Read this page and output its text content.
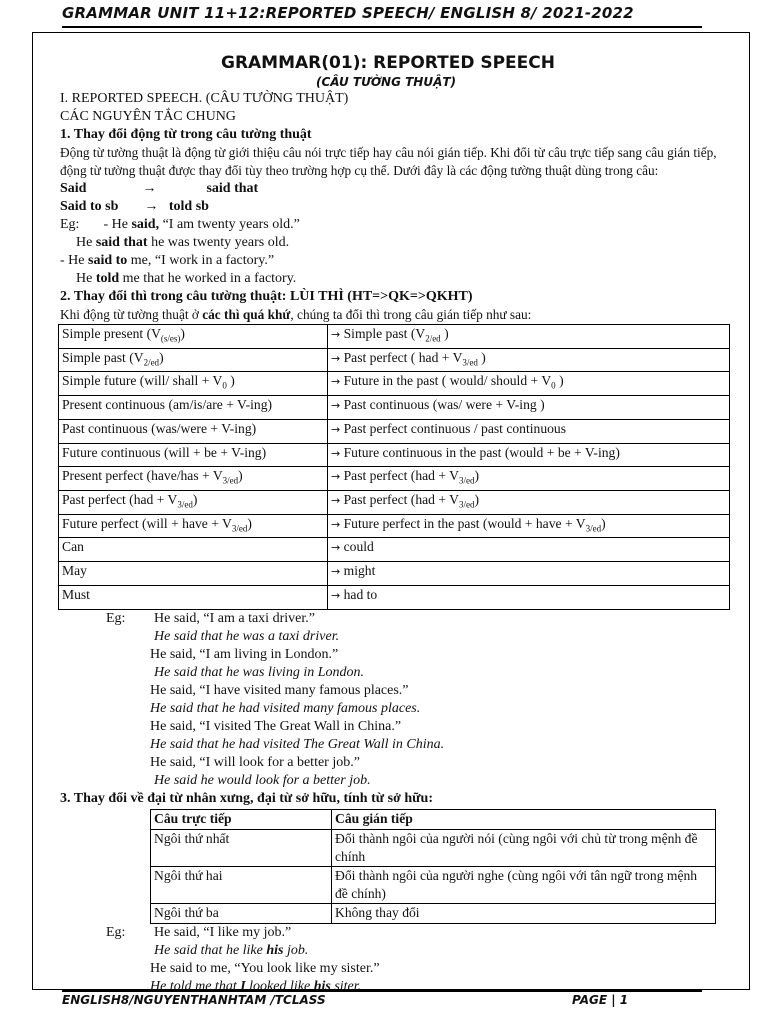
GRAMMAR UNIT 11+12:REPORTED SPEECH/ ENGLISH 8/ 2021-2022
GRAMMAR(01): REPORTED SPEECH
(CÂU TƯỜNG THUẬT)
I. REPORTED SPEECH. (CÂU TƯỜNG THUẬT)
CÁC NGUYÊN TẮC CHUNG
1. Thay đổi động từ trong câu tường thuật
Động từ tường thuật là động từ giới thiệu câu nói trực tiếp hay câu nói gián tiếp. Khi đổi từ câu trực tiếp sang câu gián tiếp, động từ tường thuật được thay đổi tùy theo trường hợp cụ thể. Dưới đây là các động tường thuật dùng trong câu:
Said	→	said that
Said to sb → told sb
Eg: - He said, “I am twenty years old.”
He said that he was twenty years old.
- He said to me, “I work in a factory.”
He told me that he worked in a factory.
2. Thay đổi thì trong câu tường thuật: LÙI THÌ (HT=>QK=>QKHT)
Khi động từ tường thuật ở các thì quá khứ, chúng ta đổi thì trong câu gián tiếp như sau:
Simple present $(V_{(s/es)})$	→ Simple past ($V_{2/ed}$ )
Simple past $(V_{2/ed})$	→ Past perfect ( had + $V_{3/ed}$ )
Simple future (will/ shall + $V_0$ )	→ Future in the past ( would/ should + $V_0$ )
Present continuous (am/is/are + V-ing)	→ Past continuous (was/ were + V-ing )
Past continuous (was/were + V-ing)	→ Past perfect continuous / past continuous
Future continuous (will + be + V-ing)	→ Future continuous in the past (would + be + V-ing)
Present perfect (have/has + $V_{3/ed}$)	→ Past perfect $(had + V_{3/ed})$
Past perfect $(had + V_{3/ed})$	→ Past perfect $(had + V_{3/ed})$
Future perfect (will + have + $V_{3/ed}$)	→ Future perfect in the past (would + have + $V_{3/ed}$)
Can	→ could
May	→ might
Must	→ had to
Eg: He said, “I am a taxi driver.”
He said that he was a taxi driver.
He said, “I am living in London.”
He said that he was living in London.
He said, “I have visited many famous places.”
He said that he had visited many famous places.
He said, “I visited The Great Wall in China.”
He said that he had visited The Great Wall in China.
He said, “I will look for a better job.”
He said he would look for a better job.
3. Thay đổi về đại từ nhân xưng, đại từ sở hữu, tính từ sở hữu:
Câu trực tiếp	Câu gián tiếp
Ngôi thứ nhất	Đổi thành ngôi của người nói (cùng ngôi với chủ từ trong mệnh đề chính
Ngôi thứ hai	Đổi thành ngôi của người nghe (cùng ngôi với tân ngữ trong mệnh đề chính)
Ngôi thứ ba	Không thay đổi
Eg: He said, “I like my job.”
He said that he like his job.
He said to me, “You look like my sister.”
He told me that I looked like his siter.
ENGLISH8/NGUYENTHANHTAM /TCLASS	PAGE | 1
